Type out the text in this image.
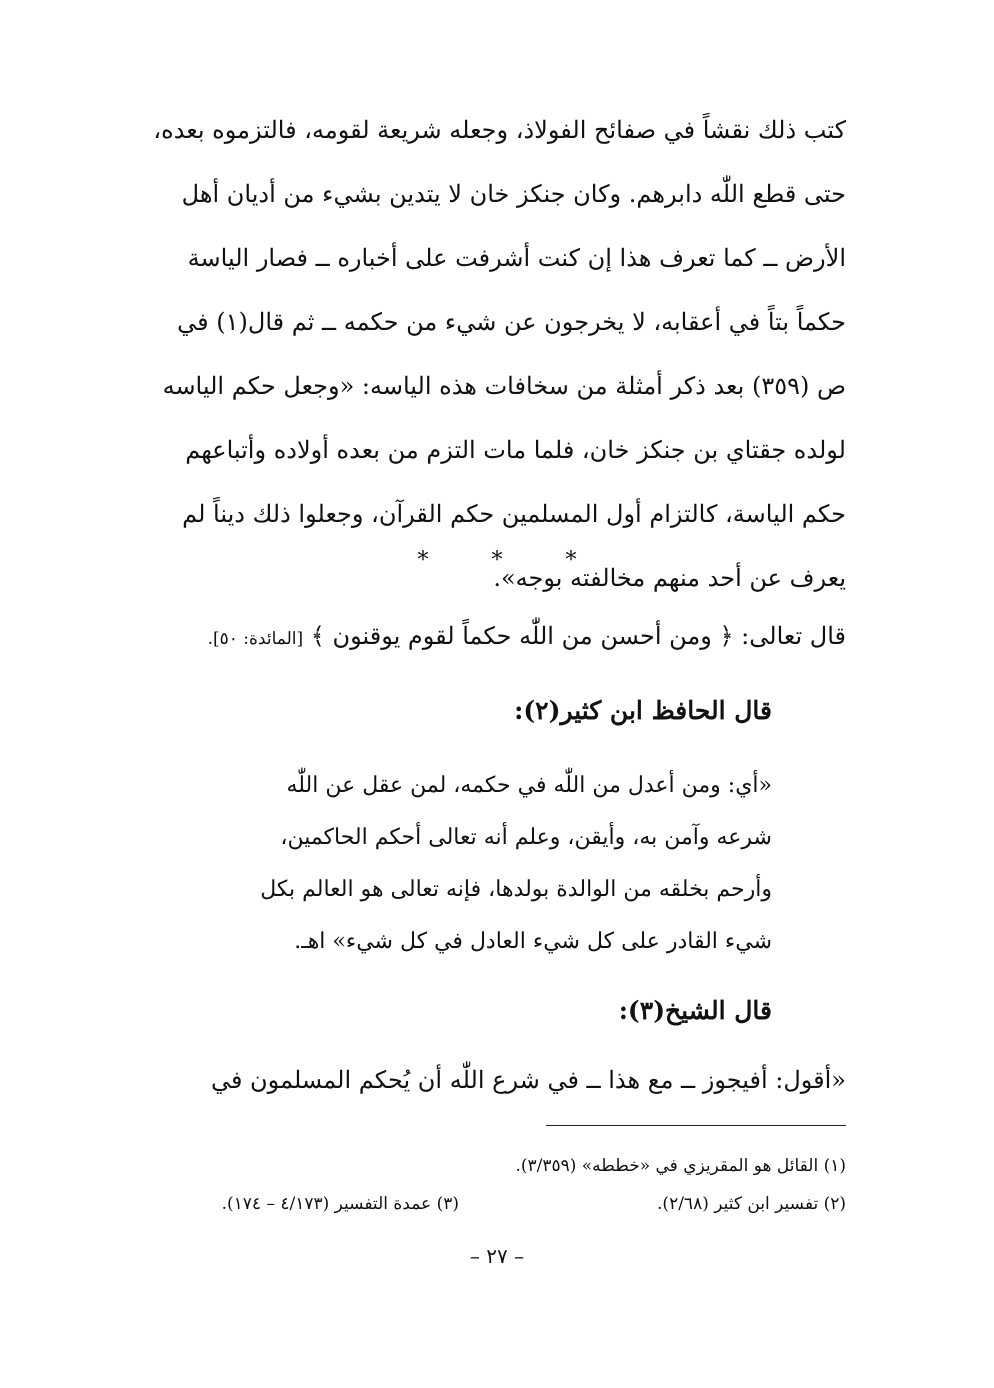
كتب ذلك نقشاً في صفائح الفولاذ، وجعله شريعة لقومه، فالتزموه بعده،
حتى قطع اللّٰه دابرهم. وكان جنكز خان لا يتدين بشيء من أديان أهل
الأرض ــ كما تعرف هذا إن كنت أشرفت على أخباره ــ فصار الياسة
حكماً بتاً في أعقابه، لا يخرجون عن شيء من حكمه ــ ثم قال(١) في
ص (٣٥٩) بعد ذكر أمثلة من سخافات هذه الياسه: «وجعل حكم الياسه
لولده جقتاي بن جنكز خان، فلما مات التزم من بعده أولاده وأتباعهم
حكم الياسة، كالتزام أول المسلمين حكم القرآن، وجعلوا ذلك ديناً لم
يعرف عن أحد منهم مخالفته بوجه».
* * *
قال تعالى: ﴿ ومن أحسن من اللّٰه حكماً لقوم يوقنون ﴾ [المائدة: ٥٠].
قال الحافظ ابن كثير(٢):
«أي: ومن أعدل من اللّٰه في حكمه، لمن عقل عن اللّٰه
شرعه وآمن به، وأيقن، وعلم أنه تعالى أحكم الحاكمين،
وأرحم بخلقه من الوالدة بولدها، فإنه تعالى هو العالم بكل
شيء القادر على كل شيء العادل في كل شيء» اهـ.
قال الشيخ(٣):
«أقول: أفيجوز ــ مع هذا ــ في شرع اللّٰه أن يُحكم المسلمون في
(١) القائل هو المقريزي في «خططه» (٣/٣٥٩).
(٢) تفسير ابن كثير (٢/٦٨).
(٣) عمدة التفسير (٤/١٧٣ – ١٧٤).
– ٢٧ –
